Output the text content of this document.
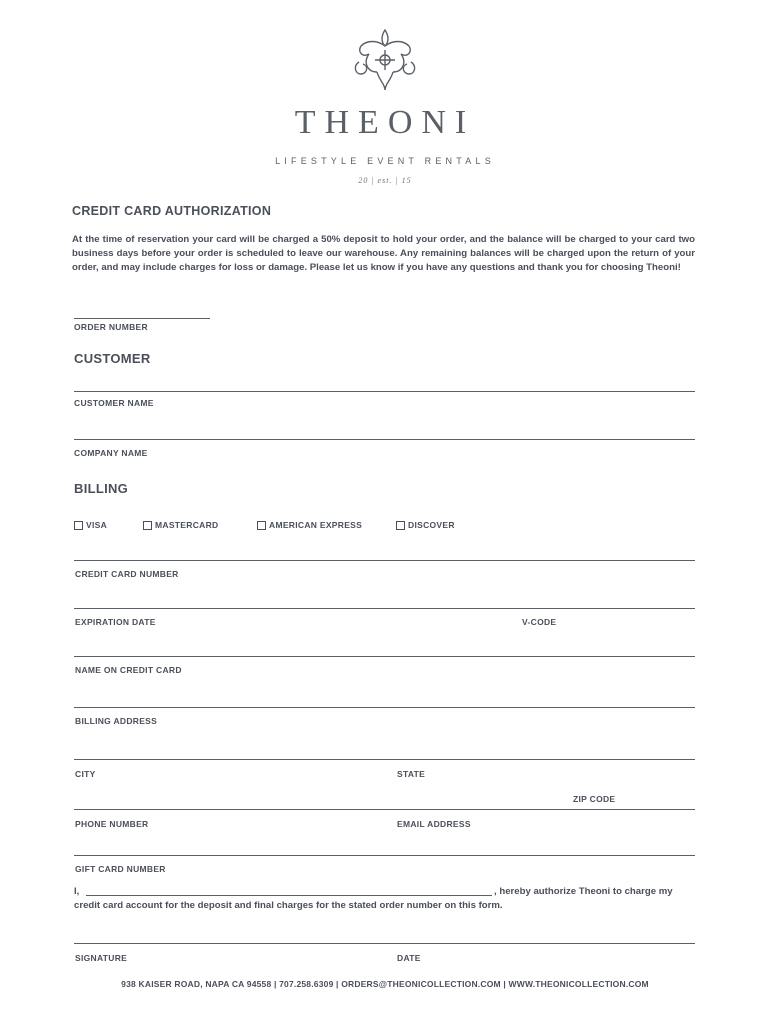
THEONI
LIFESTYLE EVENT RENTALS
20 | est. | 15
CREDIT CARD AUTHORIZATION
At the time of reservation your card will be charged a 50% deposit to hold your order, and the balance will be charged to your card two business days before your order is scheduled to leave our warehouse. Any remaining balances will be charged upon the return of your order, and may include charges for loss or damage. Please let us know if you have any questions and thank you for choosing Theoni!
ORDER NUMBER
CUSTOMER
CUSTOMER NAME
COMPANY NAME
BILLING
VISA	MASTERCARD	AMERICAN EXPRESS	DISCOVER
CREDIT CARD NUMBER
EXPIRATION DATE	V-CODE
NAME ON CREDIT CARD
BILLING ADDRESS
CITY	STATE
ZIP CODE
PHONE NUMBER	EMAIL ADDRESS
GIFT CARD NUMBER
I,	, hereby authorize Theoni to charge my
credit card account for the deposit and final charges for the stated order number on this form.
SIGNATURE	DATE
938 KAISER ROAD, NAPA CA 94558 | 707.258.6309 | ORDERS@THEONICOLLECTION.COM | WWW.THEONICOLLECTION.COM
